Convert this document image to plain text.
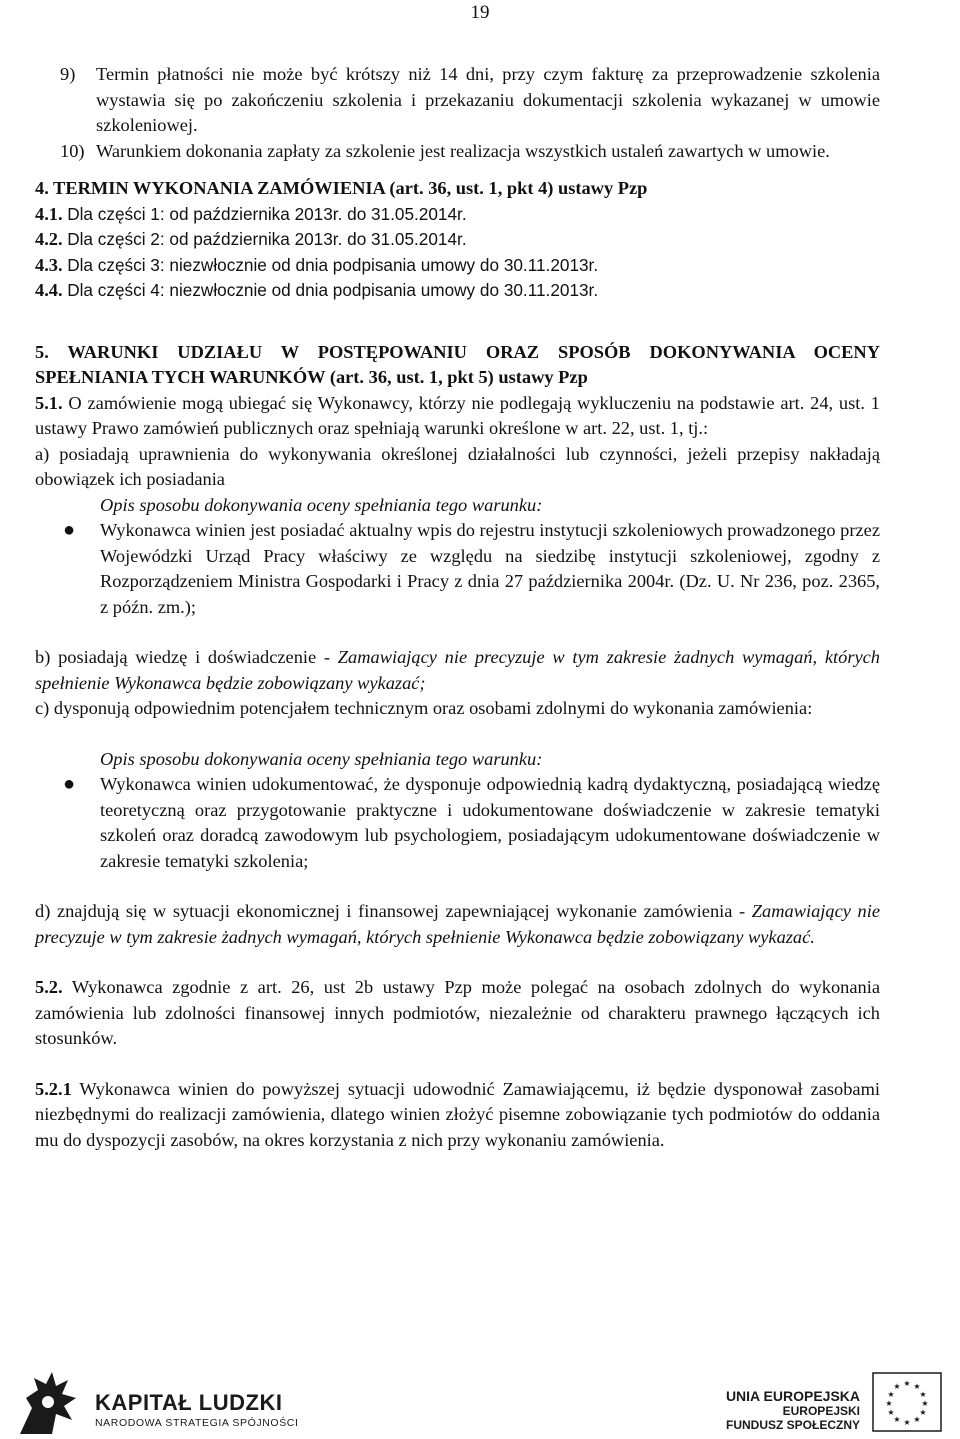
19
9)	Termin płatności nie może być krótszy niż 14 dni, przy czym fakturę za przeprowadzenie szkolenia wystawia się po zakończeniu szkolenia i przekazaniu dokumentacji szkolenia wykazanej w umowie szkoleniowej.
10) Warunkiem dokonania zapłaty za szkolenie jest realizacja wszystkich ustaleń zawartych w umowie.

4. TERMIN WYKONANIA ZAMÓWIENIA (art. 36, ust. 1, pkt 4) ustawy Pzp

4.1. Dla części 1: od października 2013r. do 31.05.2014r.

4.2. Dla części 2: od października 2013r. do 31.05.2014r.

4.3. Dla części 3: niezwłocznie od dnia podpisania umowy do 30.11.2013r.

4.4. Dla części 4: niezwłocznie od dnia podpisania umowy do 30.11.2013r.

5. WARUNKI UDZIAŁU W POSTĘPOWANIU ORAZ SPOSÓB DOKONYWANIA OCENY SPEŁNIANIA TYCH WARUNKÓW (art. 36, ust. 1, pkt 5) ustawy Pzp

5.1. O zamówienie mogą ubiegać się Wykonawcy, którzy nie podlegają wykluczeniu na podstawie art. 24, ust. 1 ustawy Prawo zamówień publicznych oraz spełniają warunki określone w art. 22, ust. 1, tj.:

a) posiadają uprawnienia do wykonywania określonej działalności lub czynności, jeżeli przepisy nakładają obowiązek ich posiadania

Opis sposobu dokonywania oceny spełniania tego warunku:

●	Wykonawca winien jest posiadać aktualny wpis do rejestru instytucji szkoleniowych prowadzonego przez Wojewódzki Urząd Pracy właściwy ze względu na siedzibę instytucji szkoleniowej, zgodny z Rozporządzeniem Ministra Gospodarki i Pracy z dnia 27 października 2004r. (Dz. U. Nr 236, poz. 2365, z późn. zm.);

b) posiadają wiedzę i doświadczenie - Zamawiający nie precyzuje w tym zakresie żadnych wymagań, których spełnienie Wykonawca będzie zobowiązany wykazać;

c) dysponują odpowiednim potencjałem technicznym oraz osobami zdolnymi do wykonania zamówienia:

Opis sposobu dokonywania oceny spełniania tego warunku:

●	Wykonawca winien udokumentować, że dysponuje odpowiednią kadrą dydaktyczną, posiadającą wiedzę teoretyczną oraz przygotowanie praktyczne i udokumentowane doświadczenie w zakresie tematyki szkoleń oraz doradcą zawodowym lub psychologiem, posiadającym udokumentowane doświadczenie w zakresie tematyki szkolenia;

d) znajdują się w sytuacji ekonomicznej i finansowej zapewniającej wykonanie zamówienia - Zamawiający nie precyzuje w tym zakresie żadnych wymagań, których spełnienie Wykonawca będzie zobowiązany wykazać.

5.2. Wykonawca zgodnie z art. 26, ust 2b ustawy Pzp może polegać na osobach zdolnych do wykonania zamówienia lub zdolności finansowej innych podmiotów, niezależnie od charakteru prawnego łączących ich stosunków.

5.2.1 Wykonawca winien do powyższej sytuacji udowodnić Zamawiającemu, iż będzie dysponował zasobami niezbędnymi do realizacji zamówienia, dlatego winien złożyć pisemne zobowiązanie tych podmiotów do oddania mu do dyspozycji zasobów, na okres korzystania z nich przy wykonaniu zamówienia.

KAPITAŁ LUDZKI
NARODOWA STRATEGIA SPÓJNOŚCI
UNIA EUROPEJSKA
EUROPEJSKI
FUNDUSZ SPOŁECZNY
★ ★
★
★
★
★
★
★
★
★
★
★
